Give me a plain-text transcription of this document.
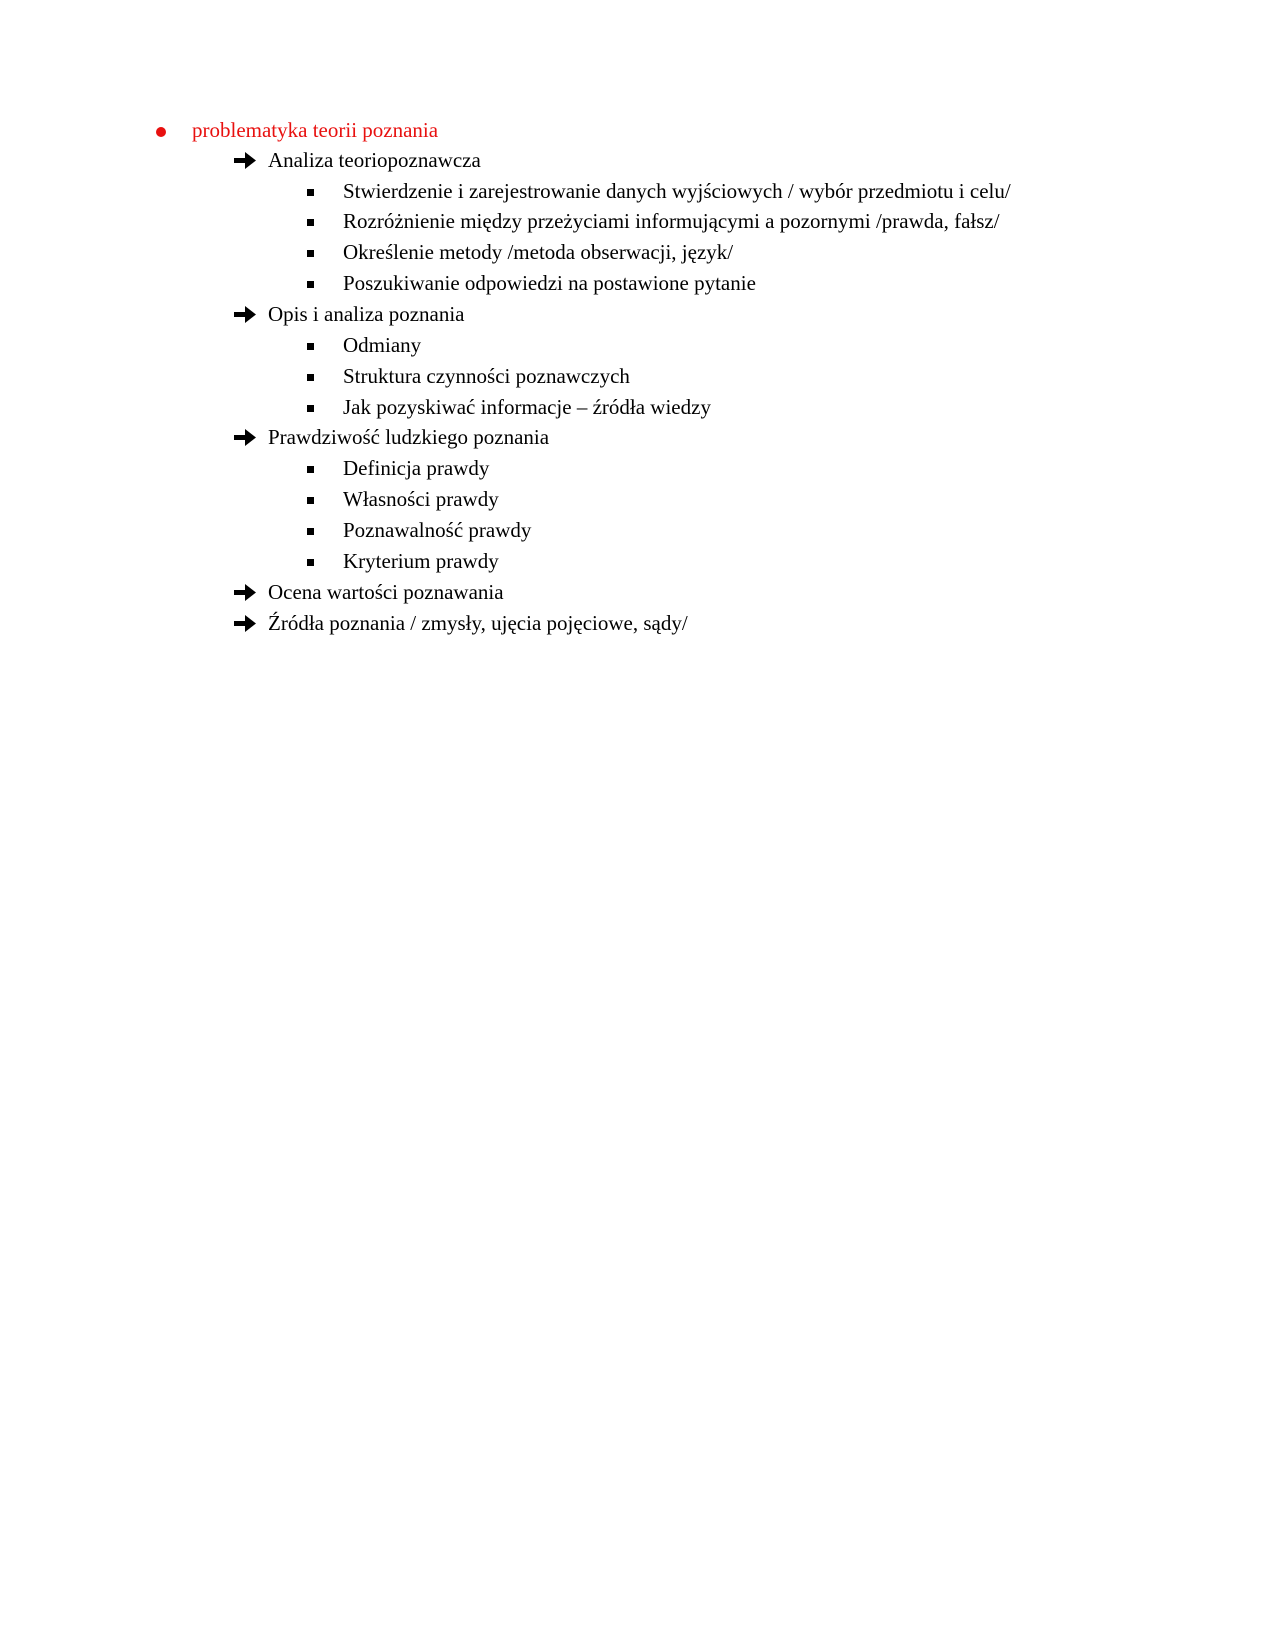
problematyka teorii poznania
Analiza teoriopoznawcza
Stwierdzenie i zarejestrowanie danych wyjściowych / wybór przedmiotu i celu/
Rozróżnienie między przeżyciami informującymi a pozornymi /prawda, fałsz/
Określenie metody /metoda obserwacji, język/
Poszukiwanie odpowiedzi na postawione pytanie
Opis i analiza poznania
Odmiany
Struktura czynności poznawczych
Jak pozyskiwać informacje – źródła wiedzy
Prawdziwość ludzkiego poznania
Definicja prawdy
Własności prawdy
Poznawalność prawdy
Kryterium prawdy
Ocena wartości poznawania
Źródła poznania / zmysły, ujęcia pojęciowe, sądy/
